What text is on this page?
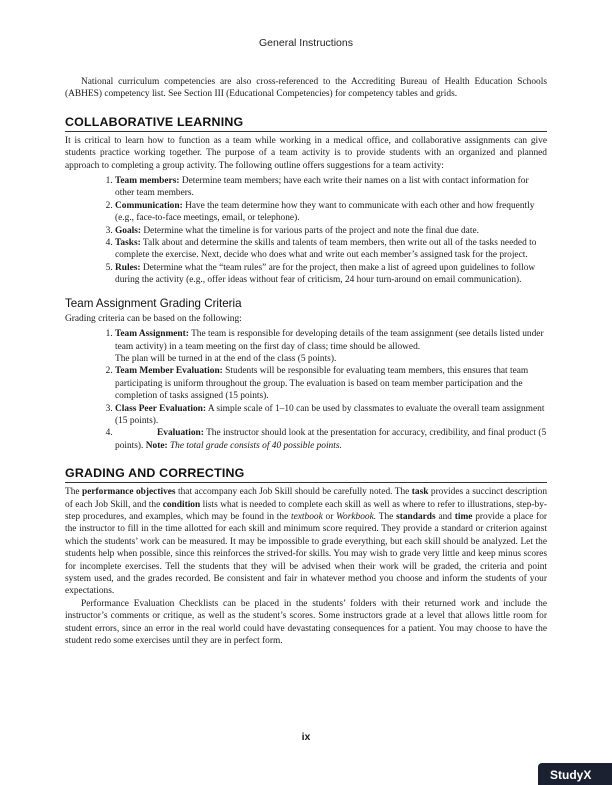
General Instructions

National curriculum competencies are also cross-referenced to the Accrediting Bureau of Health Education Schools (ABHES) competency list. See Section III (Educational Competencies) for competency tables and grids.

COLLABORATIVE LEARNING

It is critical to learn how to function as a team while working in a medical office, and collaborative assignments can give students practice working together. The purpose of a team activity is to provide students with an organized and planned approach to completing a group activity. The following outline offers suggestions for a team activity:

1. Team members: Determine team members; have each write their names on a list with contact information for other team members.
2. Communication: Have the team determine how they want to communicate with each other and how frequently (e.g., face-to-face meetings, email, or telephone).
3. Goals: Determine what the timeline is for various parts of the project and note the final due date.
4. Tasks: Talk about and determine the skills and talents of team members, then write out all of the tasks needed to complete the exercise. Next, decide who does what and write out each member’s assigned task for the project.
5. Rules: Determine what the “team rules” are for the project, then make a list of agreed upon guidelines to follow during the activity (e.g., offer ideas without fear of criticism, 24 hour turn-around on email communication).
Team Assignment Grading Criteria

Grading criteria can be based on the following:

1. Team Assignment: The team is responsible for developing details of the team assignment (see details listed under team activity) in a team meeting on the first day of class; time should be allowed.
The plan will be turned in at the end of the class (5 points).
2. Team Member Evaluation: Students will be responsible for evaluating team members, this ensures that team participating is uniform throughout the group. The evaluation is based on team member participation and the completion of tasks assigned (15 points).
3. Class Peer Evaluation: A simple scale of 1–10 can be used by classmates to evaluate the overall team assignment (15 points).
4. Evaluation: The instructor should look at the presentation for accuracy, credibility, and final product (5 points). Note: The total grade consists of 40 possible points.
GRADING AND CORRECTING

The performance objectives that accompany each Job Skill should be carefully noted. The task provides a succinct description of each Job Skill, and the condition lists what is needed to complete each skill as well as where to refer to illustrations, step-by-step procedures, and examples, which may be found in the textbook or Workbook. The standards and time provide a place for the instructor to fill in the time allotted for each skill and minimum score required. They provide a standard or criterion against which the students’ work can be measured. It may be impossible to grade everything, but each skill should be analyzed. Let the students help when possible, since this reinforces the strived-for skills. You may wish to grade very little and keep minus scores for incomplete exercises. Tell the students that they will be advised when their work will be graded, the criteria and point system used, and the grades recorded. Be consistent and fair in whatever method you choose and inform the students of your expectations.

Performance Evaluation Checklists can be placed in the students’ folders with their returned work and include the instructor’s comments or critique, as well as the student’s scores. Some instructors grade at a level that allows little room for student errors, since an error in the real world could have devastating consequences for a patient. You may choose to have the student redo some exercises until they are in perfect form.

ix
StudyX
